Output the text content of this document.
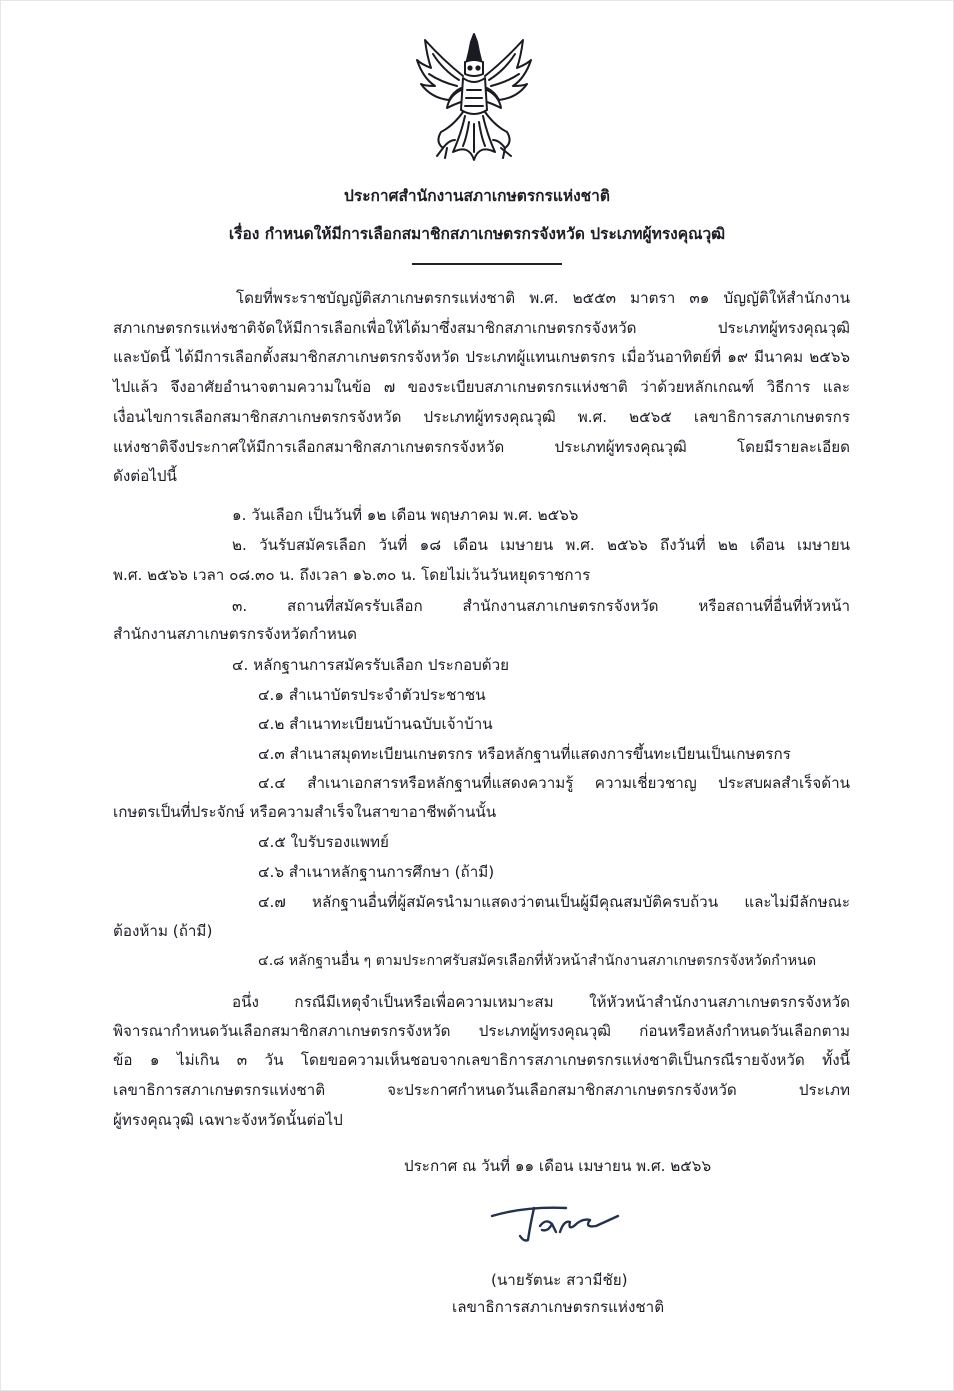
ประกาศสำนักงานสภาเกษตรกรแห่งชาติ
เรื่อง กำหนดให้มีการเลือกสมาชิกสภาเกษตรกรจังหวัด ประเภทผู้ทรงคุณวุฒิ
โดยที่พระราชบัญญัติสภาเกษตรกรแห่งชาติ พ.ศ. ๒๕๕๓ มาตรา ๓๑ บัญญัติให้สำนักงาน
สภาเกษตรกรแห่งชาติจัดให้มีการเลือกเพื่อให้ได้มาซึ่งสมาชิกสภาเกษตรกรจังหวัด ประเภทผู้ทรงคุณวุฒิ
และบัดนี้ ได้มีการเลือกตั้งสมาชิกสภาเกษตรกรจังหวัด ประเภทผู้แทนเกษตรกร เมื่อวันอาทิตย์ที่ ๑๙ มีนาคม ๒๕๖๖
ไปแล้ว จึงอาศัยอำนาจตามความในข้อ ๗ ของระเบียบสภาเกษตรกรแห่งชาติ ว่าด้วยหลักเกณฑ์ วิธีการ และ
เงื่อนไขการเลือกสมาชิกสภาเกษตรกรจังหวัด ประเภทผู้ทรงคุณวุฒิ พ.ศ. ๒๕๖๕ เลขาธิการสภาเกษตรกร
แห่งชาติจึงประกาศให้มีการเลือกสมาชิกสภาเกษตรกรจังหวัด ประเภทผู้ทรงคุณวุฒิ โดยมีรายละเอียด
ดังต่อไปนี้
๑. วันเลือก เป็นวันที่ ๑๒ เดือน พฤษภาคม พ.ศ. ๒๕๖๖
๒. วันรับสมัครเลือก วันที่ ๑๘ เดือน เมษายน พ.ศ. ๒๕๖๖ ถึงวันที่ ๒๒ เดือน เมษายน
พ.ศ. ๒๕๖๖ เวลา ๐๘.๓๐ น. ถึงเวลา ๑๖.๓๐ น. โดยไม่เว้นวันหยุดราชการ
๓. สถานที่สมัครรับเลือก สำนักงานสภาเกษตรกรจังหวัด หรือสถานที่อื่นที่หัวหน้า
สำนักงานสภาเกษตรกรจังหวัดกำหนด
๔. หลักฐานการสมัครรับเลือก ประกอบด้วย
๔.๑ สำเนาบัตรประจำตัวประชาชน
๔.๒ สำเนาทะเบียนบ้านฉบับเจ้าบ้าน
๔.๓ สำเนาสมุดทะเบียนเกษตรกร หรือหลักฐานที่แสดงการขึ้นทะเบียนเป็นเกษตรกร
๔.๔ สำเนาเอกสารหรือหลักฐานที่แสดงความรู้ ความเชี่ยวชาญ ประสบผลสำเร็จด้าน
เกษตรเป็นที่ประจักษ์ หรือความสำเร็จในสาขาอาชีพด้านนั้น
๔.๕ ใบรับรองแพทย์
๔.๖ สำเนาหลักฐานการศึกษา (ถ้ามี)
๔.๗ หลักฐานอื่นที่ผู้สมัครนำมาแสดงว่าตนเป็นผู้มีคุณสมบัติครบถ้วน และไม่มีลักษณะ
ต้องห้าม (ถ้ามี)
๔.๘ หลักฐานอื่น ๆ ตามประกาศรับสมัครเลือกที่หัวหน้าสำนักงานสภาเกษตรกรจังหวัดกำหนด
อนึ่ง กรณีมีเหตุจำเป็นหรือเพื่อความเหมาะสม ให้หัวหน้าสำนักงานสภาเกษตรกรจังหวัด
พิจารณากำหนดวันเลือกสมาชิกสภาเกษตรกรจังหวัด ประเภทผู้ทรงคุณวุฒิ ก่อนหรือหลังกำหนดวันเลือกตาม
ข้อ ๑ ไม่เกิน ๓ วัน โดยขอความเห็นชอบจากเลขาธิการสภาเกษตรกรแห่งชาติเป็นกรณีรายจังหวัด ทั้งนี้
เลขาธิการสภาเกษตรกรแห่งชาติ จะประกาศกำหนดวันเลือกสมาชิกสภาเกษตรกรจังหวัด ประเภท
ผู้ทรงคุณวุฒิ เฉพาะจังหวัดนั้นต่อไป
ประกาศ ณ วันที่ ๑๑ เดือน เมษายน พ.ศ. ๒๕๖๖
(นายรัตนะ สวามีชัย)
เลขาธิการสภาเกษตรกรแห่งชาติ
